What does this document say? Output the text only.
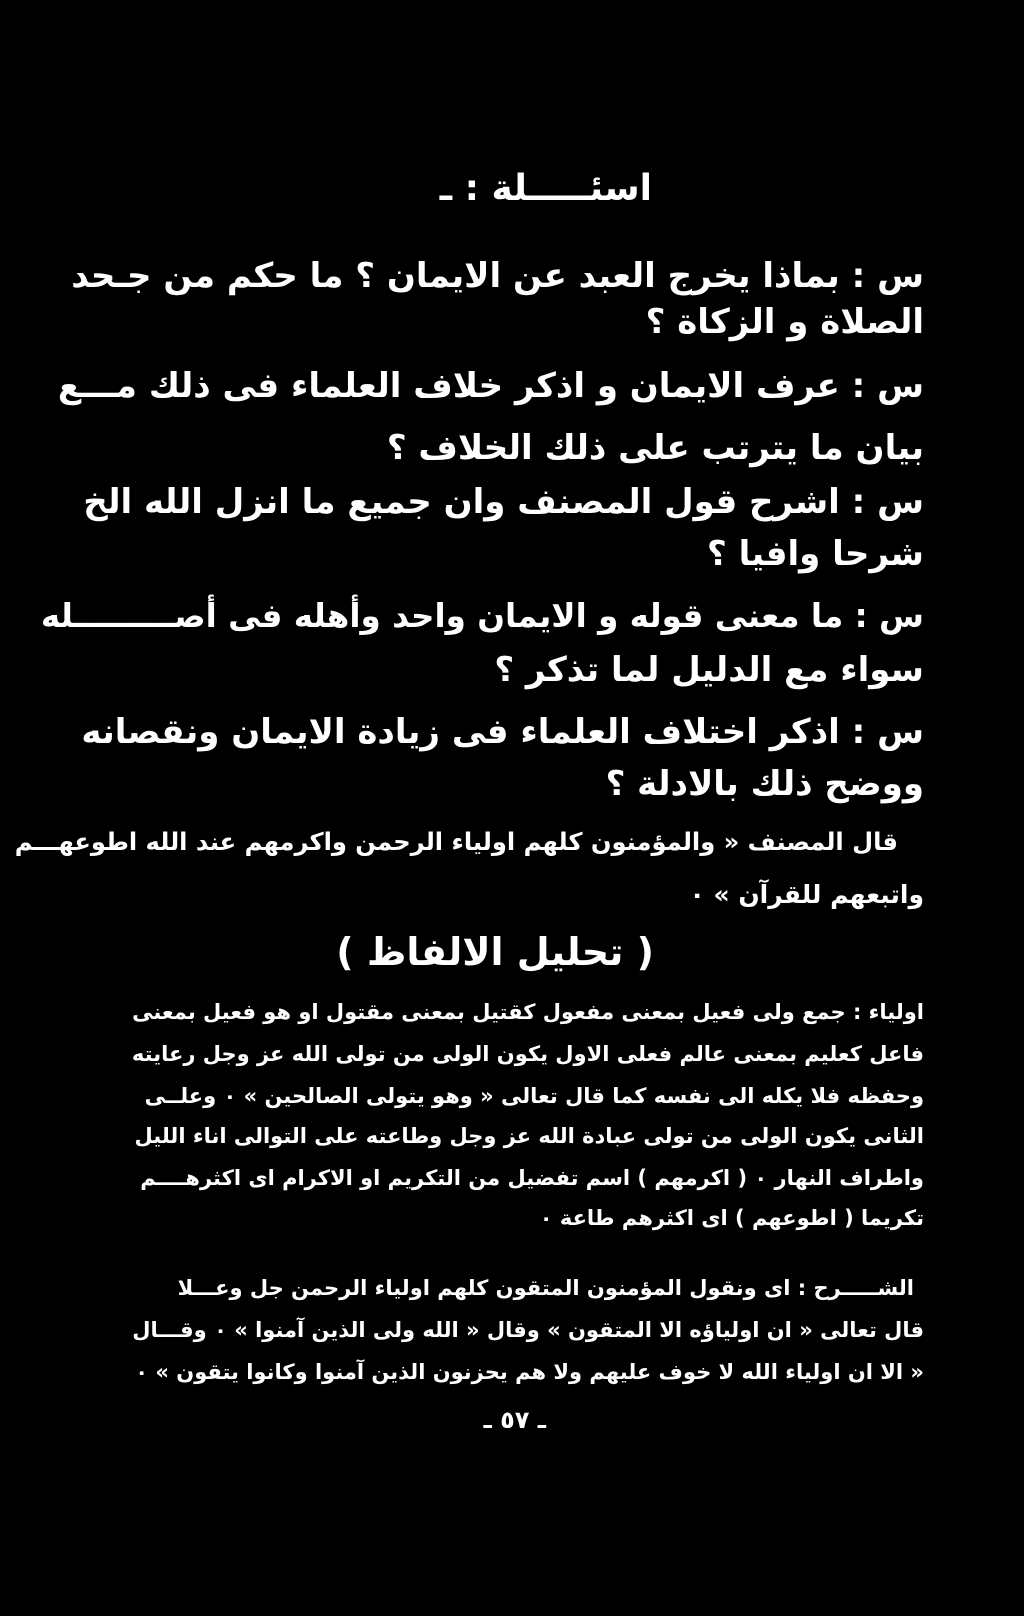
اسئـــــلة : ـ
س : بماذا يخرج العبد عن الايمان ؟ ما حكم من جـحد
الصلاة و الزكاة ؟
س : عرف الايمان و اذكر خلاف العلماء فى ذلك مـــع
بيان ما يترتب على ذلك الخلاف ؟
س : اشرح قول المصنف وان جميع ما انزل الله الخ
شرحا وافيا ؟
س : ما معنى قوله و الايمان واحد وأهله فى أصـــــــــله
سواء مع الدليل لما تذكر ؟
س : اذكر اختلاف العلماء فى زيادة الايمان ونقصانه
ووضح ذلك بالادلة ؟
قال المصنف « والمؤمنون كلهم اولياء الرحمن واكرمهم عند الله اطوعهـــم
واتبعهم للقرآن » ٠
( تحليل الالفاظ )
اولياء : جمع ولى فعيل بمعنى مفعول كقتيل بمعنى مقتول او هو فعيل بمعنى
فاعل كعليم بمعنى عالم فعلى الاول يكون الولى من تولى الله عز وجل رعايته
وحفظه فلا يكله الى نفسه كما قال تعالى « وهو يتولى الصالحين » ٠ وعلــى
الثانى يكون الولى من تولى عبادة الله عز وجل وطاعته على التوالى اناء الليل
واطراف النهار ٠ ( اكرمهم ) اسم تفضيل من التكريم او الاكرام اى اكثرهــــم
تكريما ( اطوعهم ) اى اكثرهم طاعة ٠
الشـــــرح : اى ونقول المؤمنون المتقون كلهم اولياء الرحمن جل وعـــلا
قال تعالى « ان اولياؤه الا المتقون » وقال « الله ولى الذين آمنوا » ٠ وقـــال
« الا ان اولياء الله لا خوف عليهم ولا هم يحزنون الذين آمنوا وكانوا يتقون » ٠
ـ ٥٧ ـ
